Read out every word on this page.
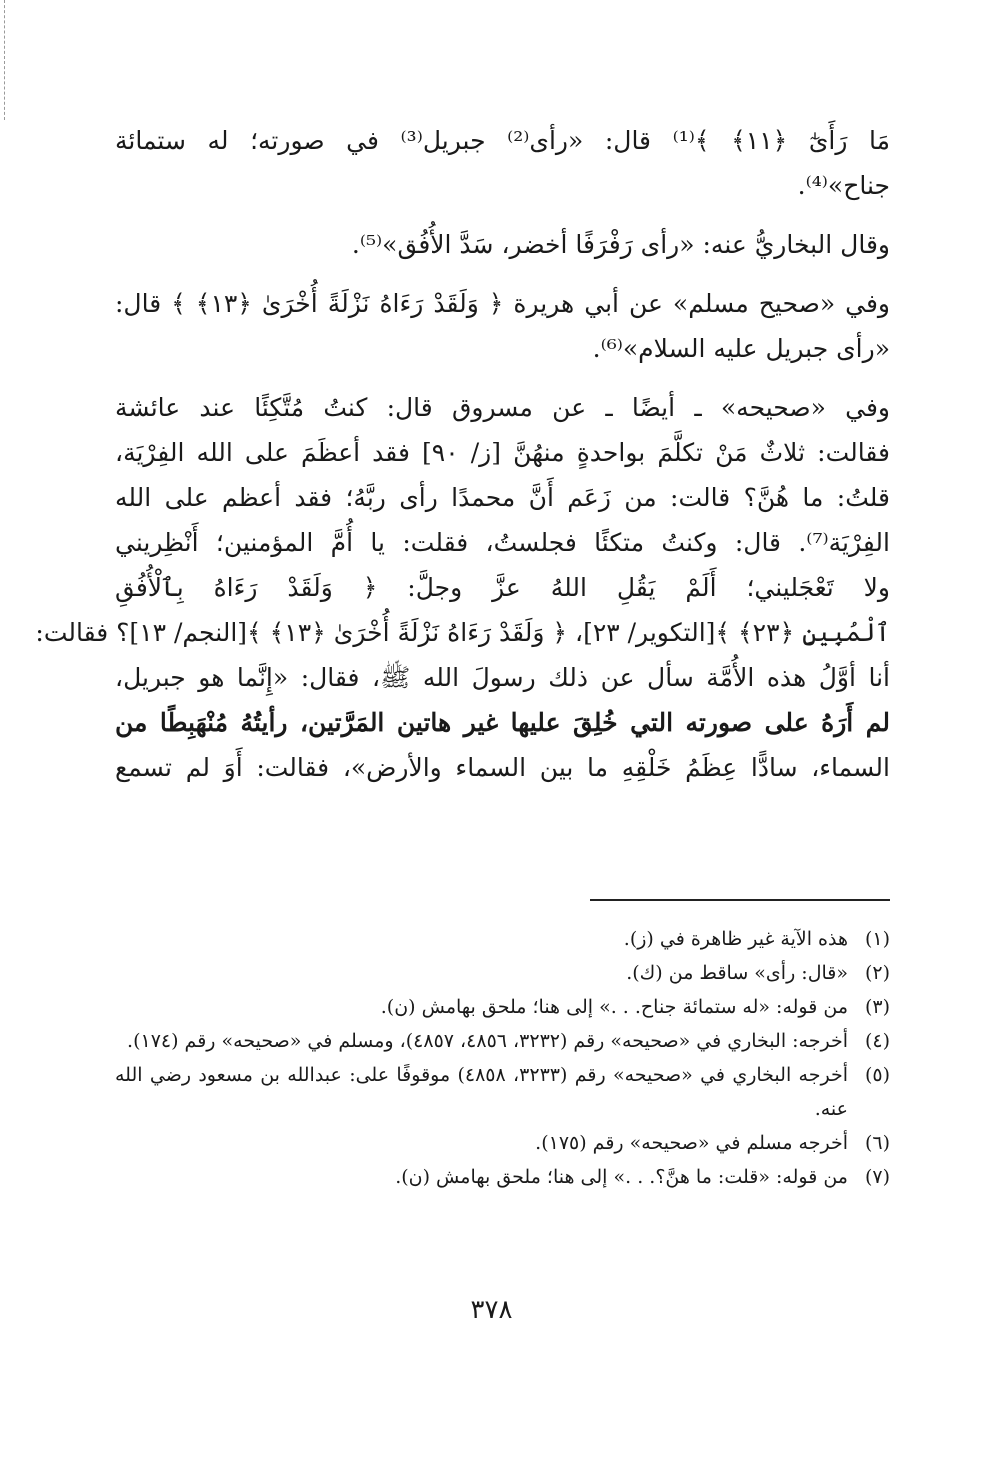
مَا رَأَىٰٓ ﴿١١﴾ ﴾⁽¹⁾ قال: «رأى⁽²⁾ جبريل⁽³⁾ في صورته؛ له ستمائة
جناح»⁽⁴⁾.

وقال البخاريُّ عنه: «رأى رَفْرَفًا أخضر، سَدَّ الأُفُق»⁽⁵⁾.

وفي «صحيح مسلم» عن أبي هريرة ﴿ وَلَقَدْ رَءَاهُ نَزْلَةً أُخْرَىٰ ﴿١٣﴾ ﴾ قال:
«رأى جبريل عليه السلام»⁽⁶⁾.

وفي «صحيحه» ـ أيضًا ـ عن مسروق قال: كنتُ مُتَّكِئًا عند عائشة
فقالت: ثلاثٌ مَنْ تكلَّمَ بواحدةٍ منهُنَّ [ز/ ٩٠] فقد أعظَمَ على الله الفِرْيَة،
قلتُ: ما هُنَّ؟ قالت: من زَعَم أَنَّ محمدًا رأى ربَّهُ؛ فقد أعظم على الله
الفِرْيَة⁽⁷⁾. قال: وكنتُ متكئًا فجلستُ، فقلت: يا أُمَّ المؤمنين؛ أَنْظِريني
ولا تَعْجَليني؛ أَلَمْ يَقُلِ اللهُ عزَّ وجلَّ: ﴿ وَلَقَدْ رَءَاهُ بِٱلْأُفُقِ
ٱلْمُبِينِ ﴿٢٣﴾ ﴾[التكوير/ ٢٣]، ﴿ وَلَقَدْ رَءَاهُ نَزْلَةً أُخْرَىٰ ﴿١٣﴾ ﴾[النجم/ ١٣]؟ فقالت:
أنا أوَّلُ هذه الأُمَّة سأل عن ذلك رسولَ الله ﷺ، فقال: «إِنَّما هو جبريل،
لم أَرَهُ على صورته التي خُلِقَ عليها غير هاتين المَرَّتين، رأيتُهُ مُنْهَبِطًا من
السماء، سادًّا عِظَمُ خَلْقِهِ ما بين السماء والأرض»، فقالت: أَوَ لم تسمع

(١)
هذه الآية غير ظاهرة في (ز).
(٢)
«قال: رأى» ساقط من (ك).
(٣)
من قوله: «له ستمائة جناح. . .» إلى هنا؛ ملحق بهامش (ن).
(٤)
أخرجه: البخاري في «صحيحه» رقم (٣٢٣٢، ٤٨٥٦، ٤٨٥٧)، ومسلم في «صحيحه» رقم (١٧٤).
(٥)
أخرجه البخاري في «صحيحه» رقم (٣٢٣٣، ٤٨٥٨) موقوفًا على: عبدالله بن مسعود رضي الله عنه.
(٦)
أخرجه مسلم في «صحيحه» رقم (١٧٥).
(٧)
من قوله: «قلت: ما هنَّ؟. . .» إلى هنا؛ ملحق بهامش (ن).
٣٧٨
